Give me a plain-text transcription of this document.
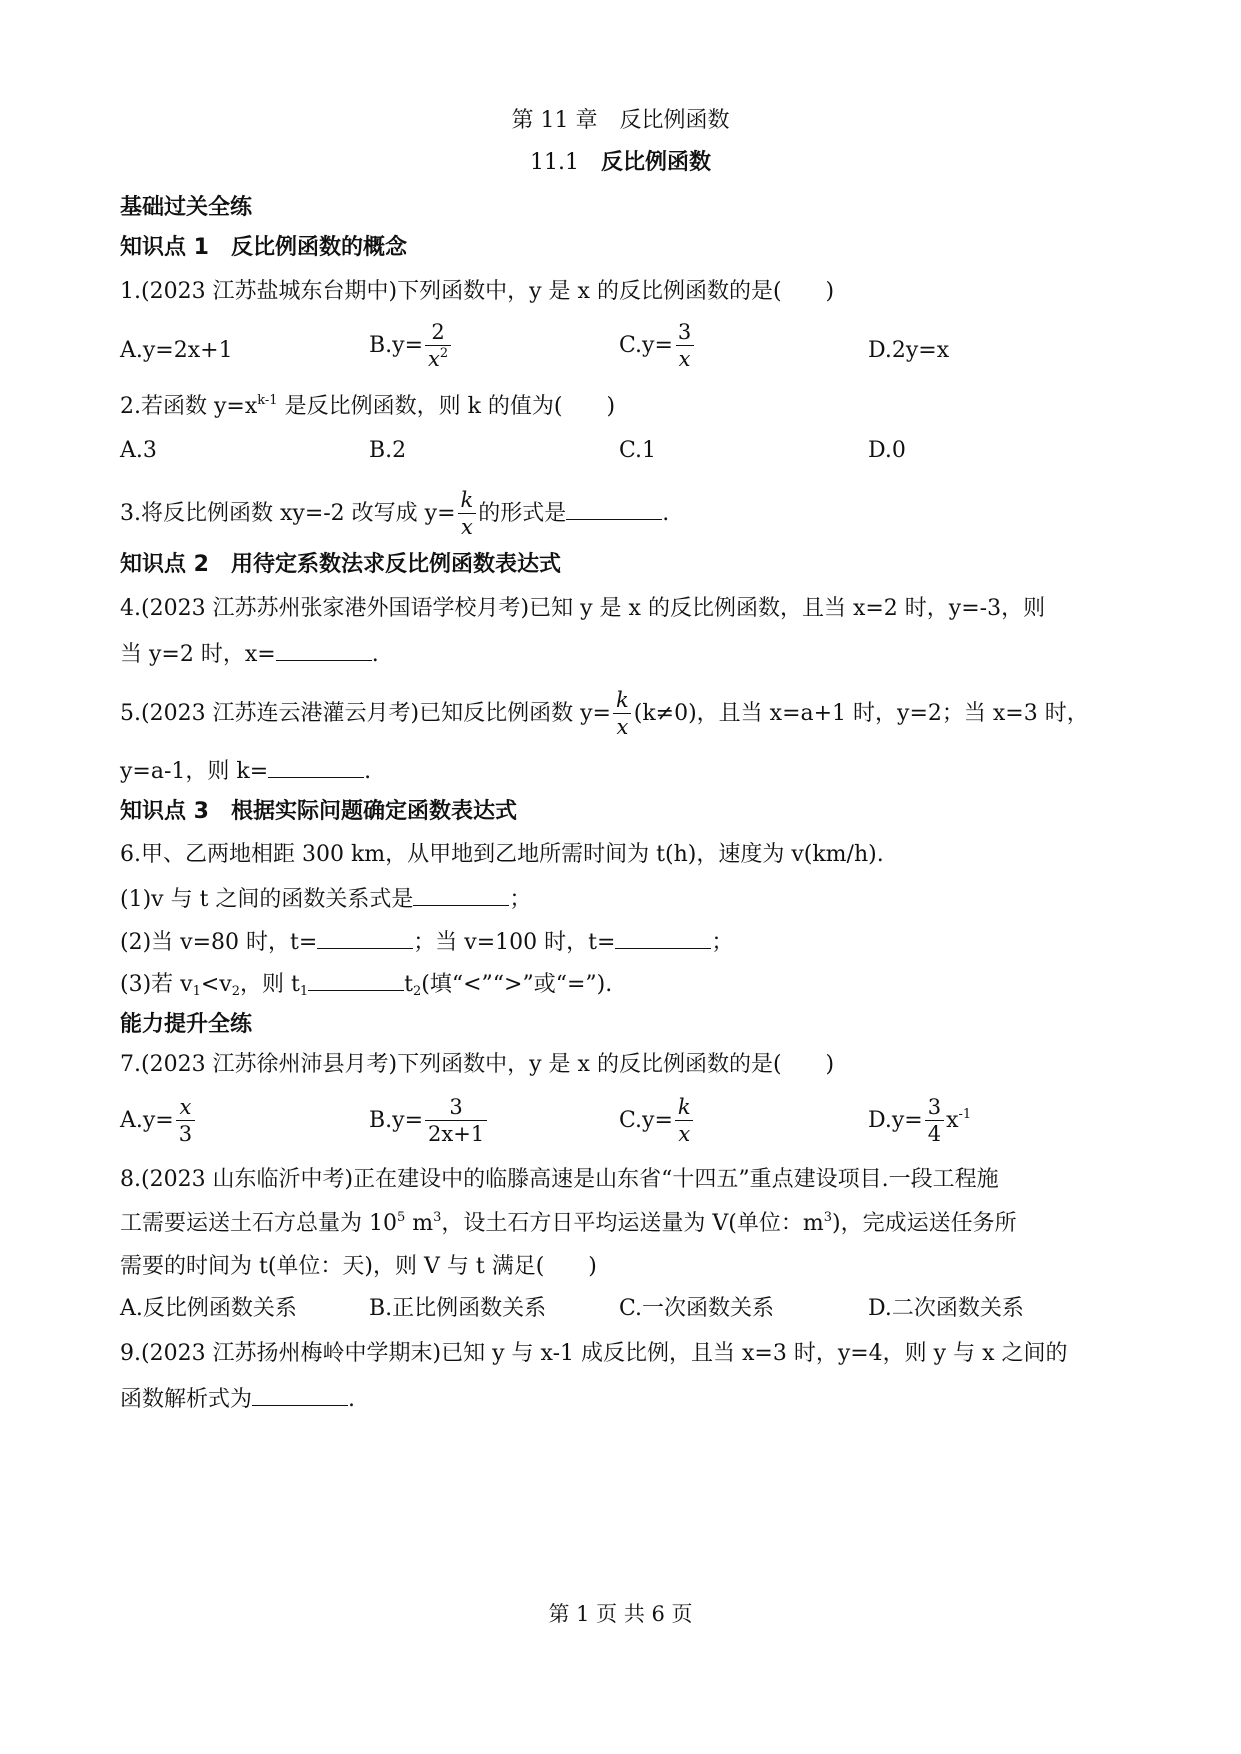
第 11 章　反比例函数
11.1　 反比例函数
基础过关全练
知识点 1　反比例函数的概念
1.(2023 江苏盐城东台期中)下列函数中，y 是 x 的反比例函数的是(　　)
A.y=2x+1	$B.y= \frac{2}{x^2}$	$C.y= \frac{3}{x}$	D.2y=x
2.若函数 $y=x^{k-1}$ 是反比例函数，则 k 的值为(　　)
A.3	B.2	C.1	D.0
3.将反比例函数 xy=-2 改写成 $y= \frac{k}{x}$ 的形式是	.
知识点 2　用待定系数法求反比例函数表达式
4.(2023 江苏苏州张家港外国语学校月考)已知 y 是 x 的反比例函数，且当 x=2 时，y=-3，则
当 y=2 时，x=	.
5.(2023 江苏连云港灌云月考)已知反比例函数 $y= \frac{k}{x} (k\ne 0)$，且当 x=a+1 时，y=2；当 x=3 时，
y=a-1，则 k=	.
知识点 3　根据实际问题确定函数表达式
6.甲、乙两地相距 300 km，从甲地到乙地所需时间为 t(h)，速度为 v(km/h).
(1)v 与 t 之间的函数关系式是	；
(2)当 v=80 时，t=	；当 v=100 时，t=	；
(3)若 $v_1<v_2$，则 $t_1$	$t_2$(填“<”“>”或“=”).
能力提升全练
7.(2023 江苏徐州沛县月考)下列函数中，y 是 x 的反比例函数的是(　　)
$A.y= \frac{x}{3}$	$B.y= \frac{3}{2x+1}$	$C.y= \frac{k}{x}$	$D.y= \frac{3}{4} x^{-1}$
8.(2023 山东临沂中考)正在建设中的临滕高速是山东省“十四五”重点建设项目.一段工程施
工需要运送土石方总量为 $10^5$ $m^3$，设土石方日平均运送量为 V(单位：$m^3$)，完成运送任务所
需要的时间为 t(单位：天)，则 V 与 t 满足(　　)
A.反比例函数关系	B.正比例函数关系	C.一次函数关系	D.二次函数关系
9.(2023 江苏扬州梅岭中学期末)已知 y 与 x-1 成反比例，且当 x=3 时，y=4，则 y 与 x 之间的
函数解析式为	.
第 1 页 共 6 页
